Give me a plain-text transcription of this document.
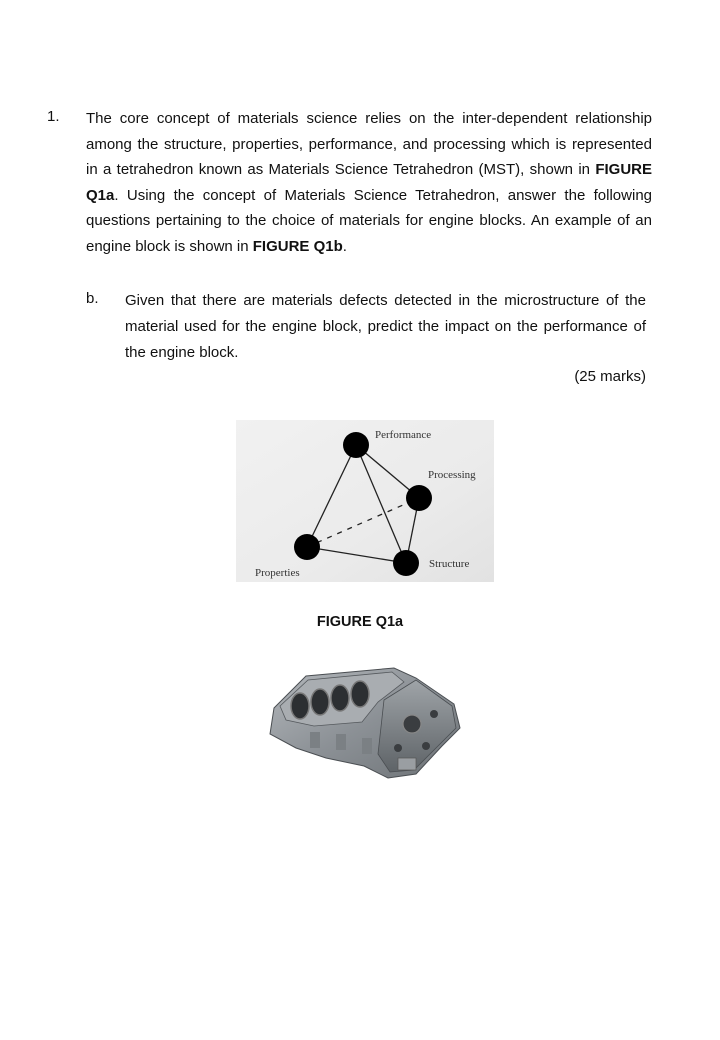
1. The core concept of materials science relies on the inter-dependent relationship among the structure, properties, performance, and processing which is represented in a tetrahedron known as Materials Science Tetrahedron (MST), shown in FIGURE Q1a. Using the concept of Materials Science Tetrahedron, answer the following questions pertaining to the choice of materials for engine blocks. An example of an engine block is shown in FIGURE Q1b.
b. Given that there are materials defects detected in the microstructure of the material used for the engine block, predict the impact on the performance of the engine block.
(25 marks)
Performance
Processing
Structure
Properties
FIGURE Q1a
